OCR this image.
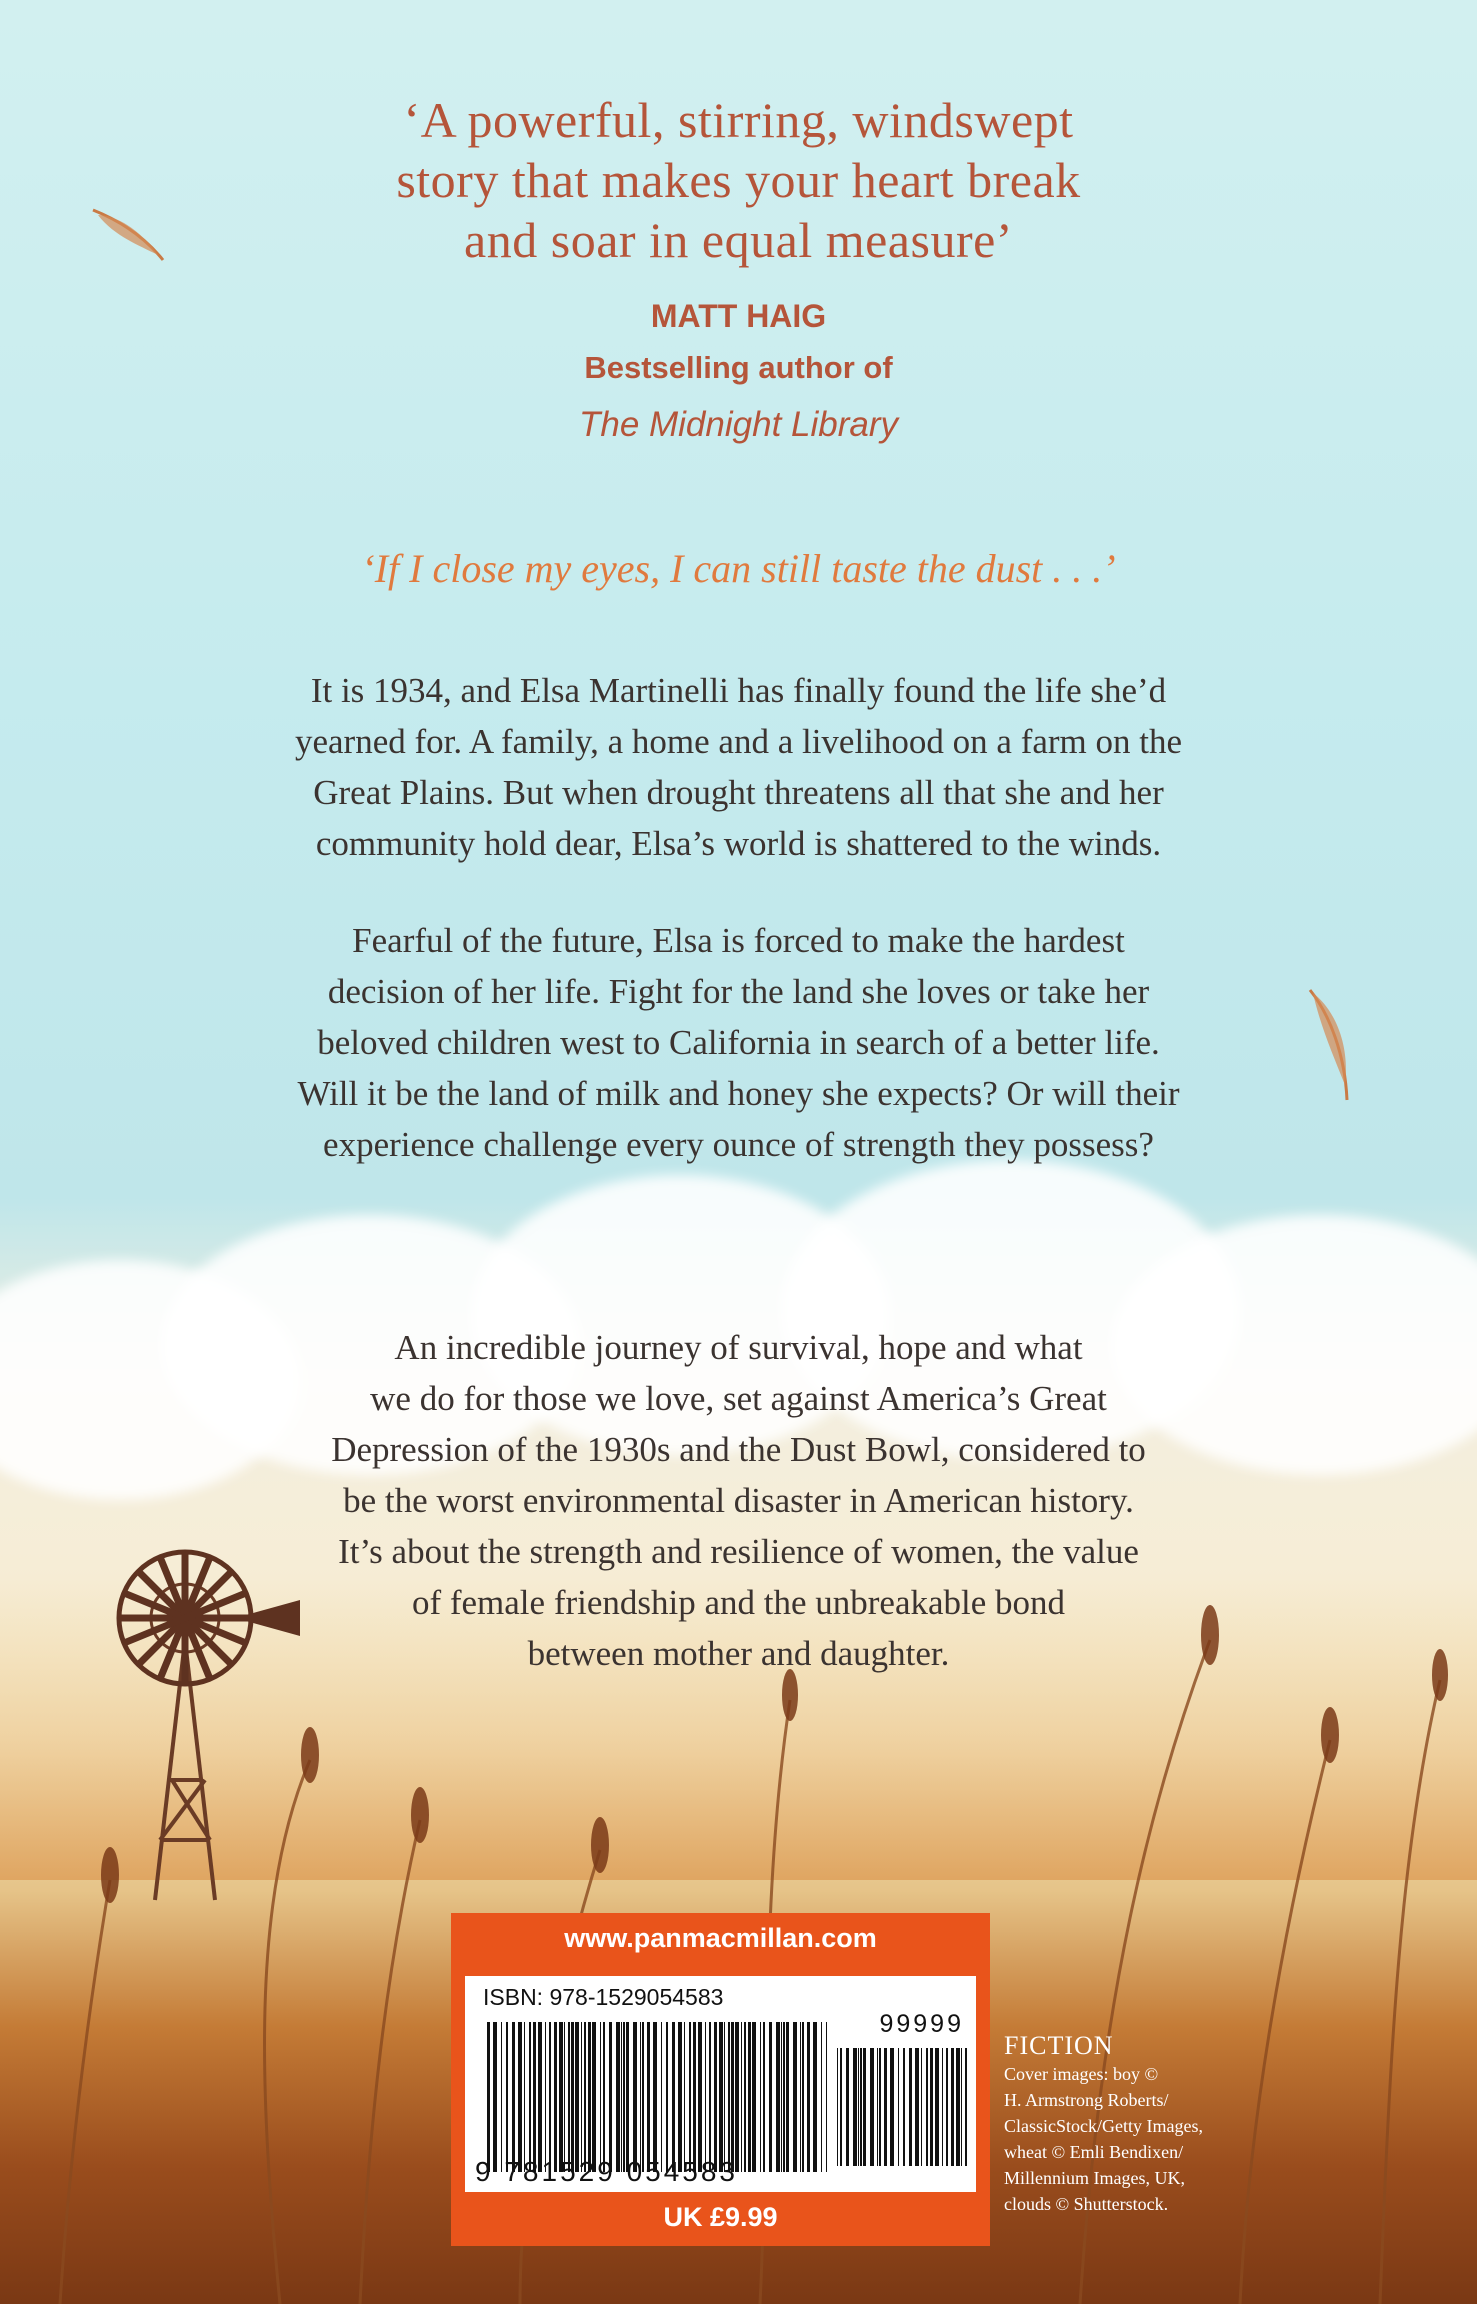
‘A powerful, stirring, windswept
story that makes your heart break
and soar in equal measure’
MATT HAIG
Bestselling author of
The Midnight Library
‘If I close my eyes, I can still taste the dust . . .’
It is 1934, and Elsa Martinelli has finally found the life she’d
yearned for. A family, a home and a livelihood on a farm on the
Great Plains. But when drought threatens all that she and her
community hold dear, Elsa’s world is shattered to the winds.
Fearful of the future, Elsa is forced to make the hardest
decision of her life. Fight for the land she loves or take her
beloved children west to California in search of a better life.
Will it be the land of milk and honey she expects? Or will their
experience challenge every ounce of strength they possess?
An incredible journey of survival, hope and what
we do for those we love, set against America’s Great
Depression of the 1930s and the Dust Bowl, considered to
be the worst environmental disaster in American history.
It’s about the strength and resilience of women, the value
of female friendship and the unbreakable bond
between mother and daughter.
www.panmacmillan.com
ISBN: 978-1529054583
99999
9 781529 054583
UK £9.99
FICTION
Cover images: boy ©
H. Armstrong Roberts/
ClassicStock/Getty Images,
wheat © Emli Bendixen/
Millennium Images, UK,
clouds © Shutterstock.
